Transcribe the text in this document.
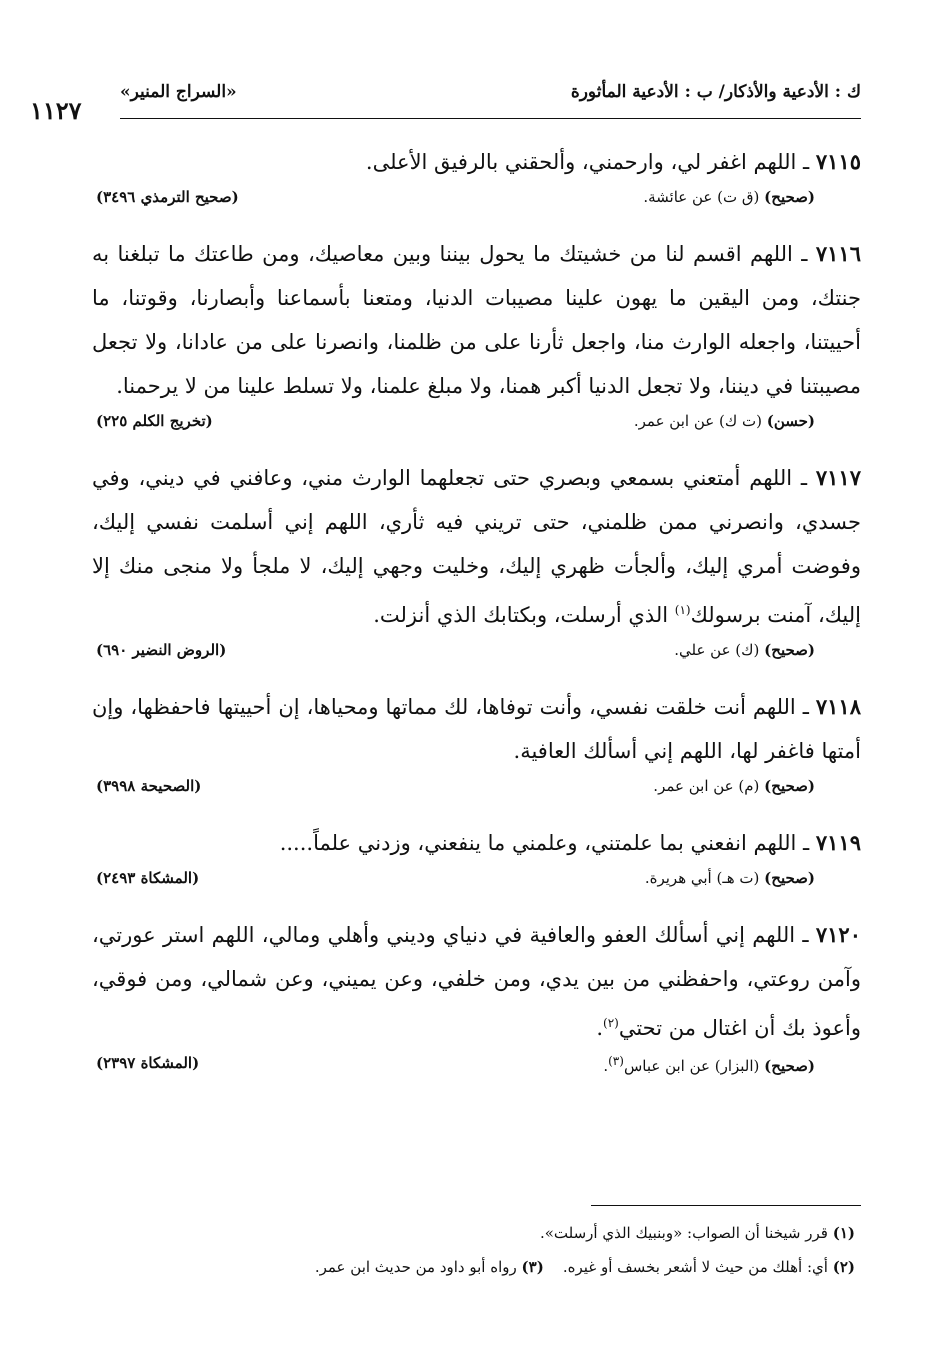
ك : الأدعية والأذكار/ ب : الأدعية المأثورة
«السراج المنير»
١١٢٧
٧١١٥ ـ اللهم اغفر لي، وارحمني، وألحقني بالرفيق الأعلى.
(صحيح) (ق ت) عن عائشة.
(صحيح الترمذي ٣٤٩٦)
٧١١٦ ـ اللهم اقسم لنا من خشيتك ما يحول بيننا وبين معاصيك، ومن طاعتك ما تبلغنا به جنتك، ومن اليقين ما يهون علينا مصيبات الدنيا، ومتعنا بأسماعنا وأبصارنا، وقوتنا، ما أحييتنا، واجعله الوارث منا، واجعل ثأرنا على من ظلمنا، وانصرنا على من عادانا، ولا تجعل مصيبتنا في ديننا، ولا تجعل الدنيا أكبر همنا، ولا مبلغ علمنا، ولا تسلط علينا من لا يرحمنا.
(حسن) (ت ك) عن ابن عمر.
(تخريج الكلم ٢٢٥)
٧١١٧ ـ اللهم أمتعني بسمعي وبصري حتى تجعلهما الوارث مني، وعافني في ديني، وفي جسدي، وانصرني ممن ظلمني، حتى تريني فيه ثأري، اللهم إني أسلمت نفسي إليك، وفوضت أمري إليك، وألجأت ظهري إليك، وخليت وجهي إليك، لا ملجأ ولا منجى منك إلا إليك، آمنت برسولك$^{(١)}$ الذي أرسلت، وبكتابك الذي أنزلت.
(صحيح) (ك) عن علي.
(الروض النضير ٦٩٠)
٧١١٨ ـ اللهم أنت خلقت نفسي، وأنت توفاها، لك مماتها ومحياها، إن أحييتها فاحفظها، وإن أمتها فاغفر لها، اللهم إني أسألك العافية.
(صحيح) (م) عن ابن عمر.
(الصحيحة ٣٩٩٨)
٧١١٩ ـ اللهم انفعني بما علمتني، وعلمني ما ينفعني، وزدني علماً.....
(صحيح) (ت هـ) أبي هريرة.
(المشكاة ٢٤٩٣)
٧١٢٠ ـ اللهم إني أسألك العفو والعافية في دنياي وديني وأهلي ومالي، اللهم استر عورتي، وآمن روعتي، واحفظني من بين يدي، ومن خلفي، وعن يميني، وعن شمالي، ومن فوقي، وأعوذ بك أن اغتال من تحتي$^{(٢)}$.
(صحيح) (البزار) عن ابن عباس$^{(٣)}$.
(المشكاة ٢٣٩٧)
(١) قرر شيخنا أن الصواب: «وبنبيك الذي أرسلت».
(٢) أي: أهلك من حيث لا أشعر بخسف أو غيره.    (٣) رواه أبو داود من حديث ابن عمر.
